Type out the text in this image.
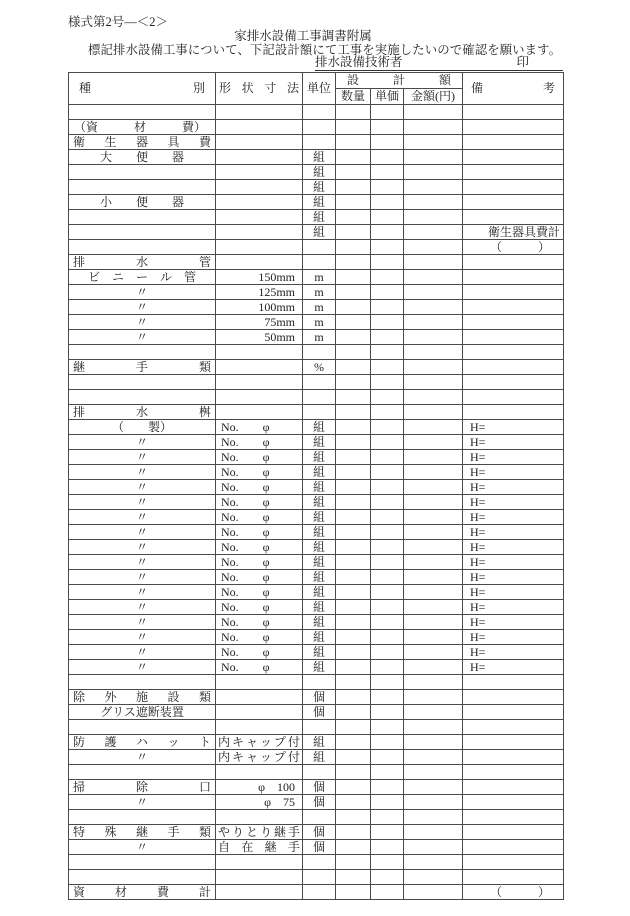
様式第2号—＜2＞
家排水設備工事調書附属
標記排水設備工事について、下記設計額にて工事を実施したいので確認を願います。
排水設備技術者	印
種別	形状寸法	単位	設計額			備考
			数量	単価	金額(円)	

（資　　　材　　　費）						
衛生器具費						
大　　便　　器		組				
		組				
		組				
小　　便　　器		組				
		組				
		組				衛生器具費計
						（　　　）
排水管						
ビ　ニ　ー　ル　管	150mm	m				
〃	125mm	m				
〃	100mm	m				
〃	75mm	m				
〃	50mm	m				

継手類		%				

排水桝						
（　　製）	No.　　φ	組				H=
〃	No.　　φ	組				H=
〃	No.　　φ	組				H=
〃	No.　　φ	組				H=
〃	No.　　φ	組				H=
〃	No.　　φ	組				H=
〃	No.　　φ	組				H=
〃	No.　　φ	組				H=
〃	No.　　φ	組				H=
〃	No.　　φ	組				H=
〃	No.　　φ	組				H=
〃	No.　　φ	組				H=
〃	No.　　φ	組				H=
〃	No.　　φ	組				H=
〃	No.　　φ	組				H=
〃	No.　　φ	組				H=
〃	No.　　φ	組				H=

除外施設類		個				
グリス遮断装置		個				

防護ハット	内キャップ付	組				
〃	内キャップ付	組				

掃除口	φ　100	個				
〃	φ　75	個				

特殊継手類	やりとり継手	個				
〃	自在継手	個				

資材費計						（　　　）
